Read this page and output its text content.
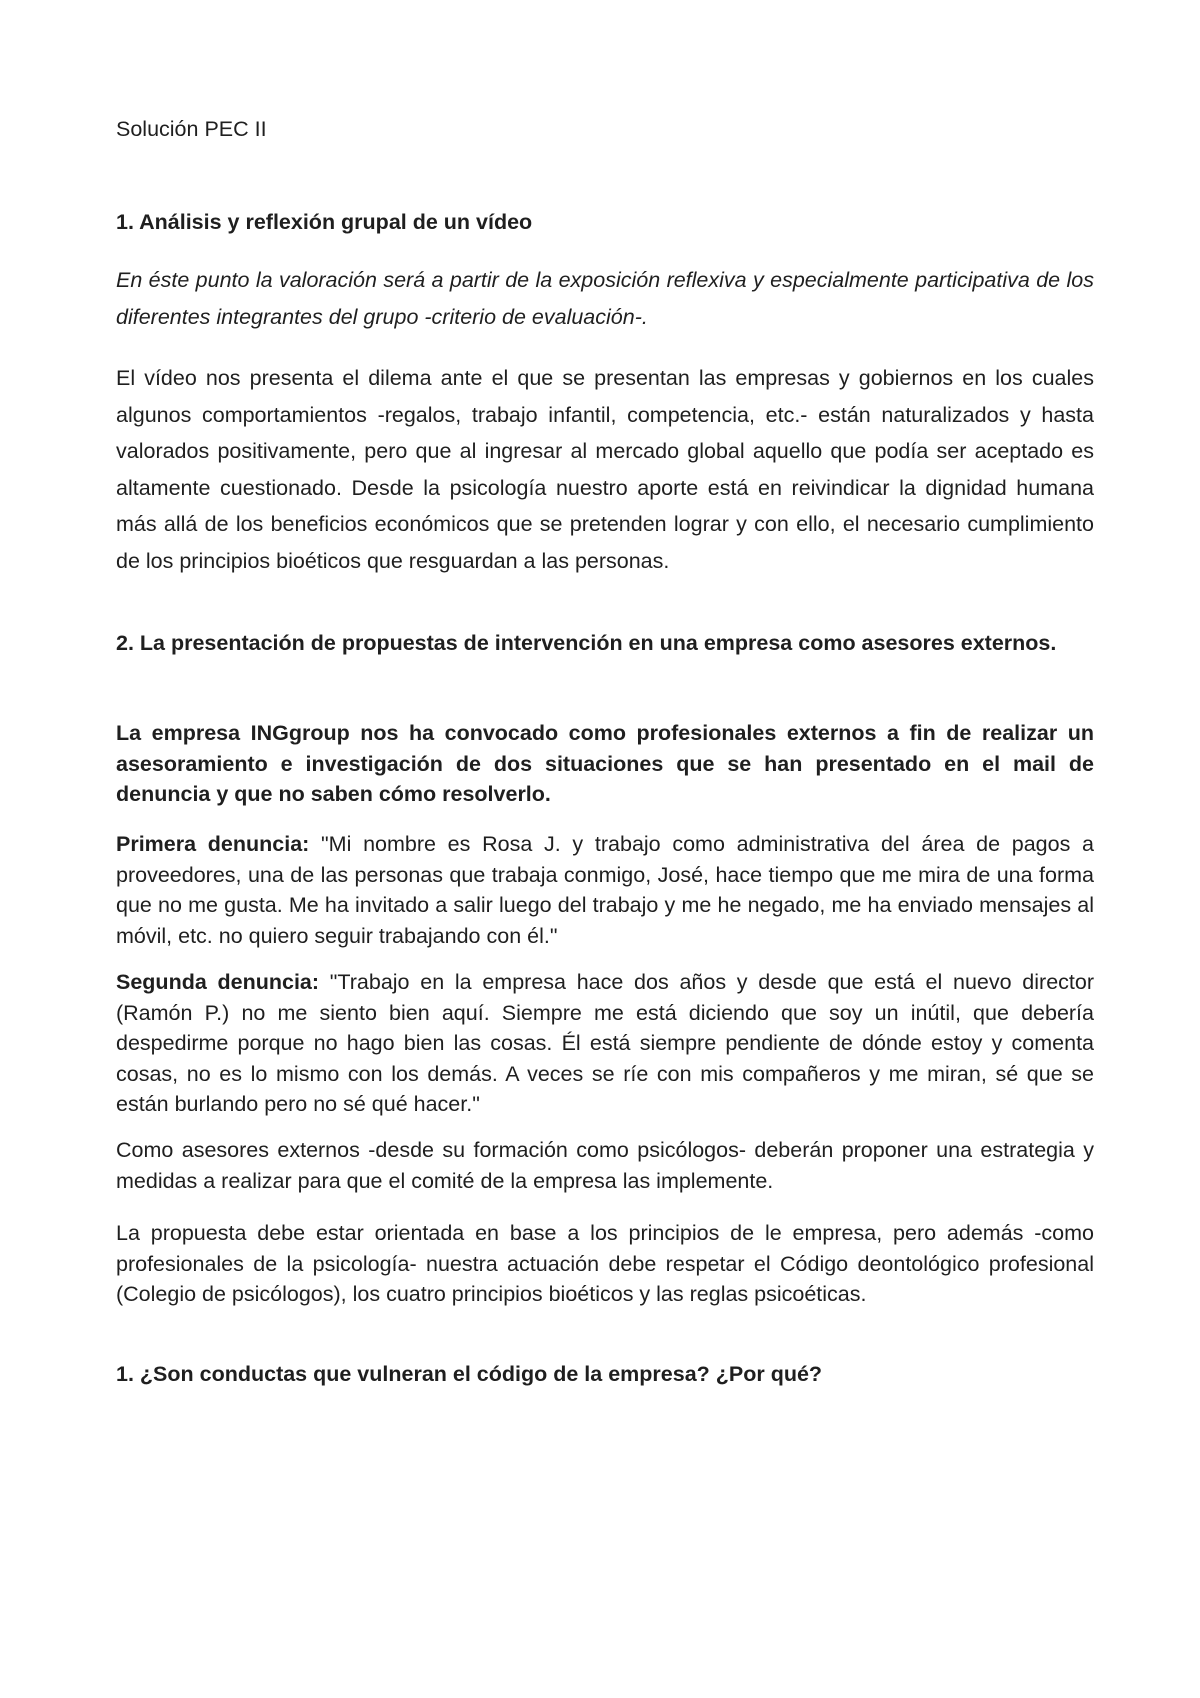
Solución PEC II

1. Análisis y reflexión grupal de un vídeo

En éste punto la valoración será a partir de la exposición reflexiva y especialmente participativa de los diferentes integrantes del grupo -criterio de evaluación-.

El vídeo nos presenta el dilema ante el que se presentan las empresas y gobiernos en los cuales algunos comportamientos -regalos, trabajo infantil, competencia, etc.- están naturalizados y hasta valorados positivamente, pero que al ingresar al mercado global aquello que podía ser aceptado es altamente cuestionado. Desde la psicología nuestro aporte está en reivindicar la dignidad humana más allá de los beneficios económicos que se pretenden lograr y con ello, el necesario cumplimiento de los principios bioéticos que resguardan a las personas.

2. La presentación de propuestas de intervención en una empresa como asesores externos.

La empresa INGgroup nos ha convocado como profesionales externos a fin de realizar un asesoramiento e investigación de dos situaciones que se han presentado en el mail de denuncia y que no saben cómo resolverlo.

Primera denuncia: "Mi nombre es Rosa J. y trabajo como administrativa del área de pagos a proveedores, una de las personas que trabaja conmigo, José, hace tiempo que me mira de una forma que no me gusta. Me ha invitado a salir luego del trabajo y me he negado, me ha enviado mensajes al móvil, etc. no quiero seguir trabajando con él."

Segunda denuncia: "Trabajo en la empresa hace dos años y desde que está el nuevo director (Ramón P.) no me siento bien aquí. Siempre me está diciendo que soy un inútil, que debería despedirme porque no hago bien las cosas. Él está siempre pendiente de dónde estoy y comenta cosas, no es lo mismo con los demás. A veces se ríe con mis compañeros y me miran, sé que se están burlando pero no sé qué hacer."

Como asesores externos -desde su formación como psicólogos- deberán proponer una estrategia y medidas a realizar para que el comité de la empresa las implemente.

La propuesta debe estar orientada en base a los principios de le empresa, pero además -como profesionales de la psicología- nuestra actuación debe respetar el Código deontológico profesional (Colegio de psicólogos), los cuatro principios bioéticos y las reglas psicoéticas.

1. ¿Son conductas que vulneran el código de la empresa? ¿Por qué?
